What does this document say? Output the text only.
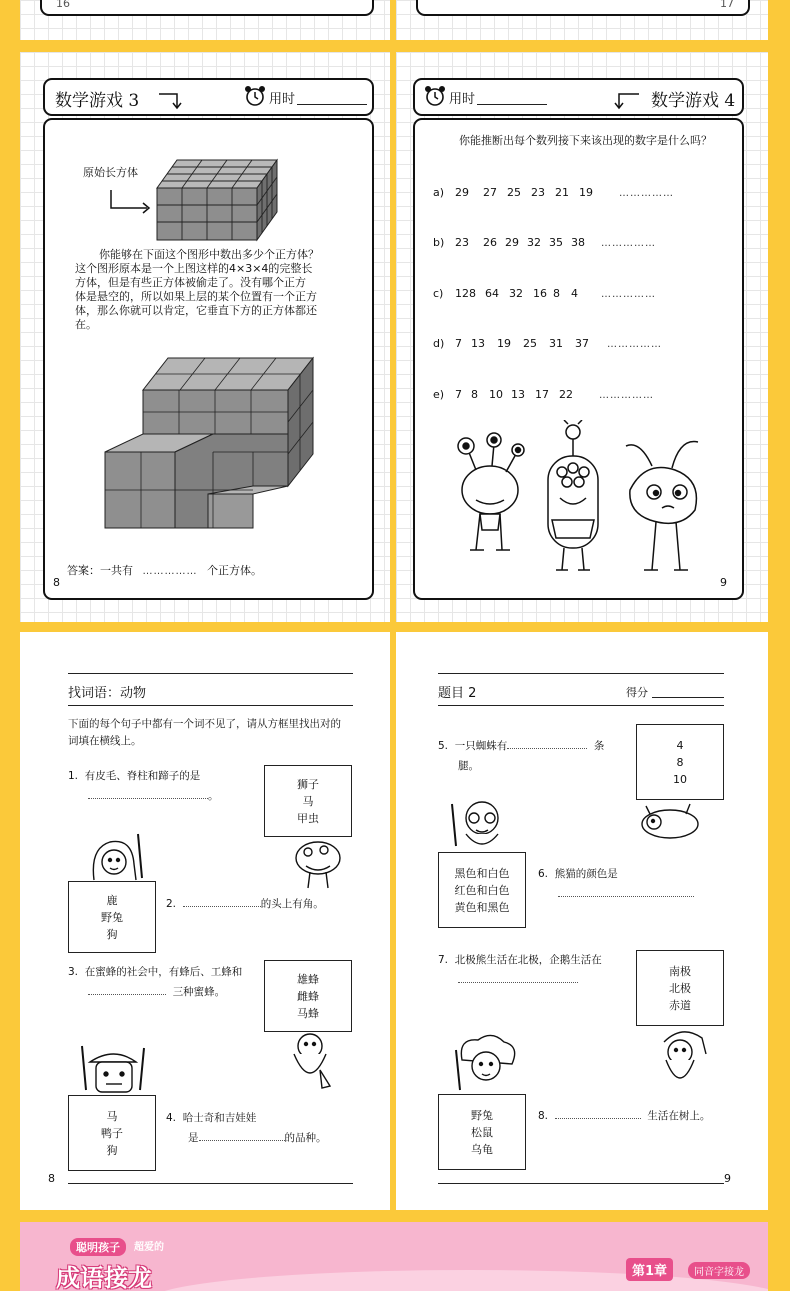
16	17
数学游戏 3	用时
原始长方体
你能够在下面这个图形中数出多少个正方体？
这个图形原本是一个上图这样的4×3×4的完整长
方体，但是有些正方体被偷走了。没有哪个正方
体是悬空的，所以如果上层的某个位置有一个正方
体，那么你就可以肯定，它垂直下方的正方体都还
在。
答案：一共有 …………… 个正方体。
8
用时	数学游戏 4
你能推断出每个数列接下来该出现的数字是什么吗？
9
a) 29 27 25 23 21 19	……………
b) 23 26 29 32 35 38 ……………
c) 128 64 32 16 8 4 ……………
d) 7 13 19 25 31 37 ……………
e) 7 8 10 13 17 22	……………
找词语：动物
下面的每个句子中都有一个词不见了，请从方框里找出对的
词填在横线上。
1. 有皮毛、脊柱和蹄子的是
。
狮子
马
甲虫
鹿
野兔
狗
2.	的头上有角。
3. 在蜜蜂的社会中，有蜂后、工蜂和
三种蜜蜂。
雄蜂
雌蜂
马蜂
马
鸭子
狗
4. 哈士奇和吉娃娃
是	的品种。
8
题目 2	得分
5. 一只蜘蛛有	条
腿。
4
8
10
黑色和白色
红色和白色
黄色和黑色
6. 熊猫的颜色是

7. 北极熊生活在北极，企鹅生活在

南极
北极
赤道
野兔
松鼠
乌龟
8.	生活在树上。
9
聪明孩子	超爱的
成语接龙	第1章	同音字接龙
